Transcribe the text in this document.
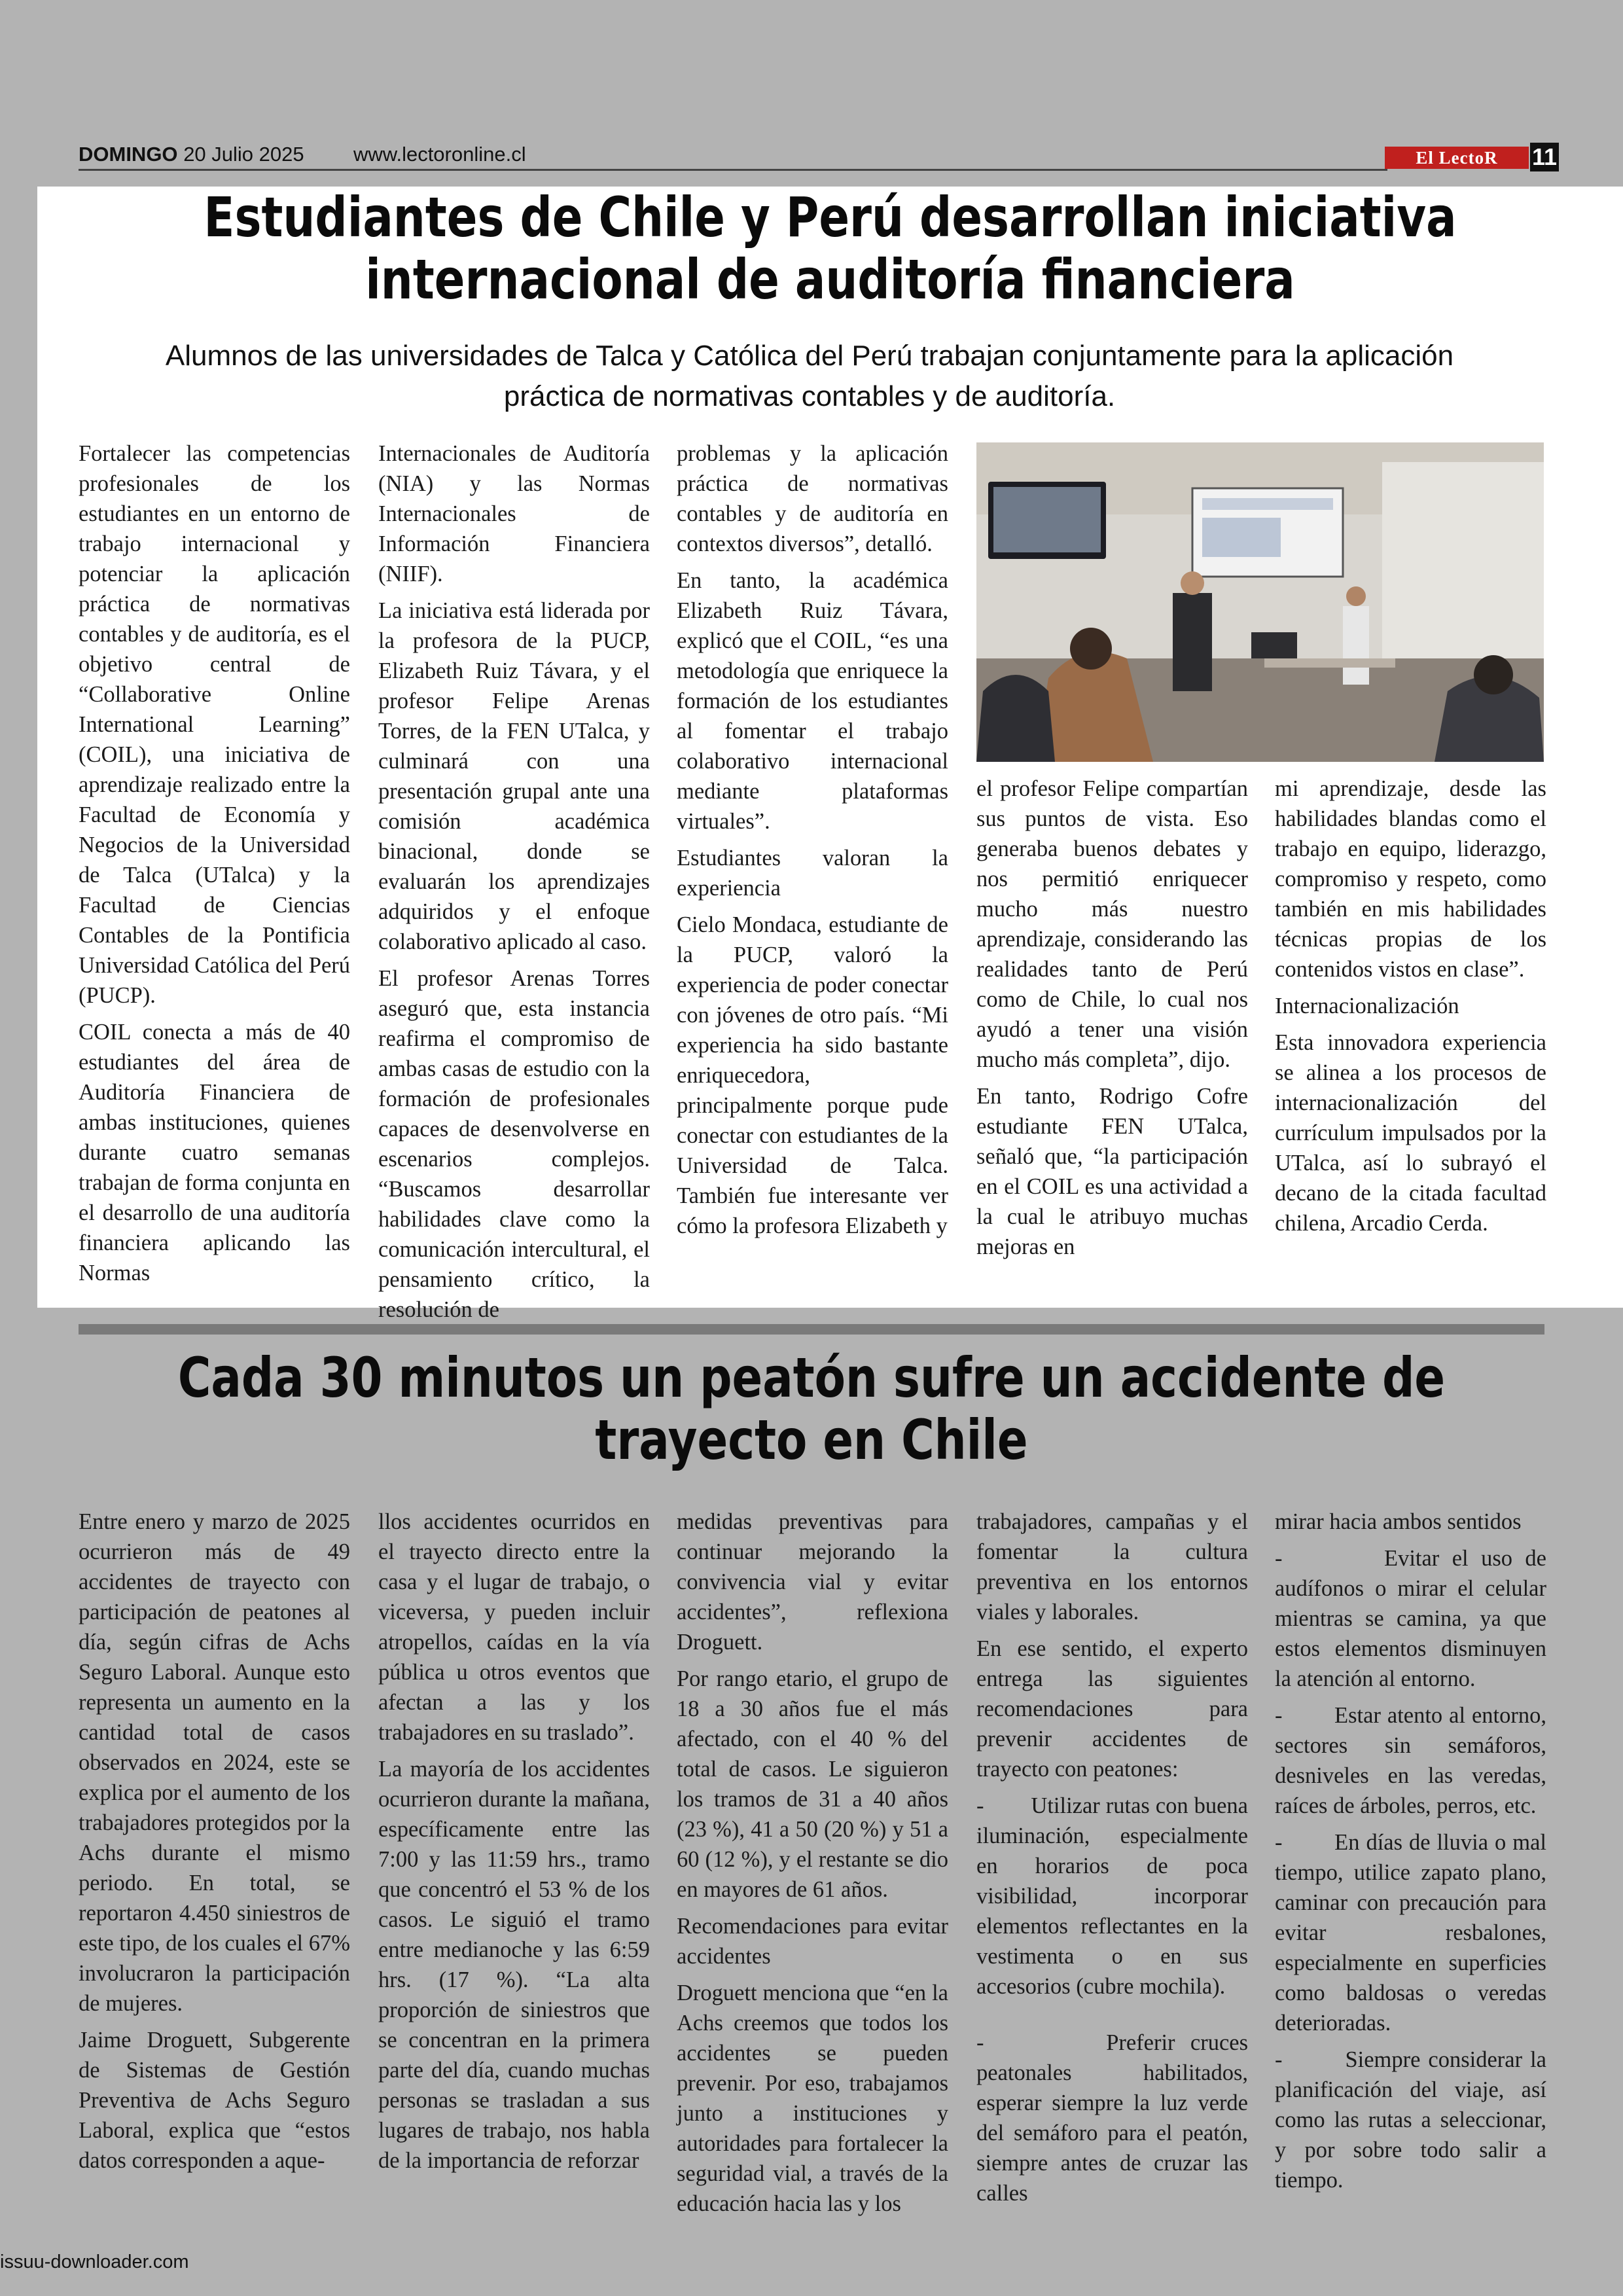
DOMINGO 20 Julio 2025 www.lectoronline.cl	El LectoR	11
Estudiantes de Chile y Perú desarrollan iniciativa internacional de auditoría financiera
Alumnos de las universidades de Talca y Católica del Perú trabajan conjuntamente para la aplicación práctica de normativas contables y de auditoría.

Fortalecer las competencias profesionales de los estudiantes en un entorno de trabajo internacional y potenciar la aplicación práctica de normativas contables y de auditoría, es el objetivo central de “Collaborative Online International Learning” (COIL), una iniciativa de aprendizaje realizado entre la Facultad de Economía y Negocios de la Universidad de Talca (UTalca) y la Facultad de Ciencias Contables de la Pontificia Universidad Católica del Perú (PUCP).

COIL conecta a más de 40 estudiantes del área de Auditoría Financiera de ambas instituciones, quienes durante cuatro semanas trabajan de forma conjunta en el desarrollo de una auditoría financiera aplicando las Normas

Internacionales de Auditoría (NIA) y las Normas Internacionales de Información Financiera (NIIF).

La iniciativa está liderada por la profesora de la PUCP, Elizabeth Ruiz Távara, y el profesor Felipe Arenas Torres, de la FEN UTalca, y culminará con una presentación grupal ante una comisión académica binacional, donde se evaluarán los aprendizajes adquiridos y el enfoque colaborativo aplicado al caso.

El profesor Arenas Torres aseguró que, esta instancia reafirma el compromiso de ambas casas de estudio con la formación de profesionales capaces de desenvolverse en escenarios complejos. “Buscamos desarrollar habilidades clave como la comunicación intercultural, el pensamiento crítico, la resolución de

problemas y la aplicación práctica de normativas contables y de auditoría en contextos diversos”, detalló.

En tanto, la académica Elizabeth Ruiz Távara, explicó que el COIL, “es una metodología que enriquece la formación de los estudiantes al fomentar el trabajo colaborativo internacional mediante plataformas virtuales”.

Estudiantes valoran la experiencia

Cielo Mondaca, estudiante de la PUCP, valoró la experiencia de poder conectar con jóvenes de otro país. “Mi experiencia ha sido bastante enriquecedora, principalmente porque pude conectar con estudiantes de la Universidad de Talca. También fue interesante ver cómo la profesora Elizabeth y

el profesor Felipe compartían sus puntos de vista. Eso generaba buenos debates y nos permitió enriquecer mucho más nuestro aprendizaje, considerando las realidades tanto de Perú como de Chile, lo cual nos ayudó a tener una visión mucho más completa”, dijo.

En tanto, Rodrigo Cofre estudiante FEN UTalca, señaló que, “la participación en el COIL es una actividad a la cual le atribuyo muchas mejoras en

mi aprendizaje, desde las habilidades blandas como el trabajo en equipo, liderazgo, compromiso y respeto, como también en mis habilidades técnicas propias de los contenidos vistos en clase”.

Internacionalización

Esta innovadora experiencia se alinea a los procesos de internacionalización del currículum impulsados por la UTalca, así lo subrayó el decano de la citada facultad chilena, Arcadio Cerda.

Cada 30 minutos un peatón sufre un accidente de trayecto en Chile

Entre enero y marzo de 2025 ocurrieron más de 49 accidentes de trayecto con participación de peatones al día, según cifras de Achs Seguro Laboral. Aunque esto representa un aumento en la cantidad total de casos observados en 2024, este se explica por el aumento de los trabajadores protegidos por la Achs durante el mismo periodo. En total, se reportaron 4.450 siniestros de este tipo, de los cuales el 67% involucraron la participación de mujeres.

Jaime Droguett, Subgerente de Sistemas de Gestión Preventiva de Achs Seguro Laboral, explica que “estos datos corresponden a aque-

llos accidentes ocurridos en el trayecto directo entre la casa y el lugar de trabajo, o viceversa, y pueden incluir atropellos, caídas en la vía pública u otros eventos que afectan a las y los trabajadores en su traslado”.

La mayoría de los accidentes ocurrieron durante la mañana, específicamente entre las 7:00 y las 11:59 hrs., tramo que concentró el 53 % de los casos. Le siguió el tramo entre medianoche y las 6:59 hrs. (17 %). “La alta proporción de siniestros que se concentran en la primera parte del día, cuando muchas personas se trasladan a sus lugares de trabajo, nos habla de la importancia de reforzar

medidas preventivas para continuar mejorando la convivencia vial y evitar accidentes”, reflexiona Droguett.

Por rango etario, el grupo de 18 a 30 años fue el más afectado, con el 40 % del total de casos. Le siguieron los tramos de 31 a 40 años (23 %), 41 a 50 (20 %) y 51 a 60 (12 %), y el restante se dio en mayores de 61 años.

Recomendaciones para evitar accidentes

Droguett menciona que “en la Achs creemos que todos los accidentes se pueden prevenir. Por eso, trabajamos junto a instituciones y autoridades para fortalecer la seguridad vial, a través de la educación hacia las y los

trabajadores, campañas y el fomentar la cultura preventiva en los entornos viales y laborales.

En ese sentido, el experto entrega las siguientes recomendaciones para prevenir accidentes de trayecto con peatones:

-        Utilizar rutas con buena iluminación, especialmente en horarios de poca visibilidad, incorporar elementos reflectantes en la vestimenta o en sus accesorios (cubre mochila).

-        Preferir cruces peatonales habilitados, esperar siempre la luz verde del semáforo para el peatón, siempre antes de cruzar las calles

mirar hacia ambos sentidos

-        Evitar el uso de audífonos o mirar el celular mientras se camina, ya que estos elementos disminuyen la atención al entorno.

-        Estar atento al entorno, sectores sin semáforos, desniveles en las veredas, raíces de árboles, perros, etc.

-        En días de lluvia o mal tiempo, utilice zapato plano, caminar con precaución para evitar resbalones, especialmente en superficies como baldosas o veredas deterioradas.

-        Siempre considerar la planificación del viaje, así como las rutas a seleccionar, y por sobre todo salir a tiempo.

issuu-downloader.com
